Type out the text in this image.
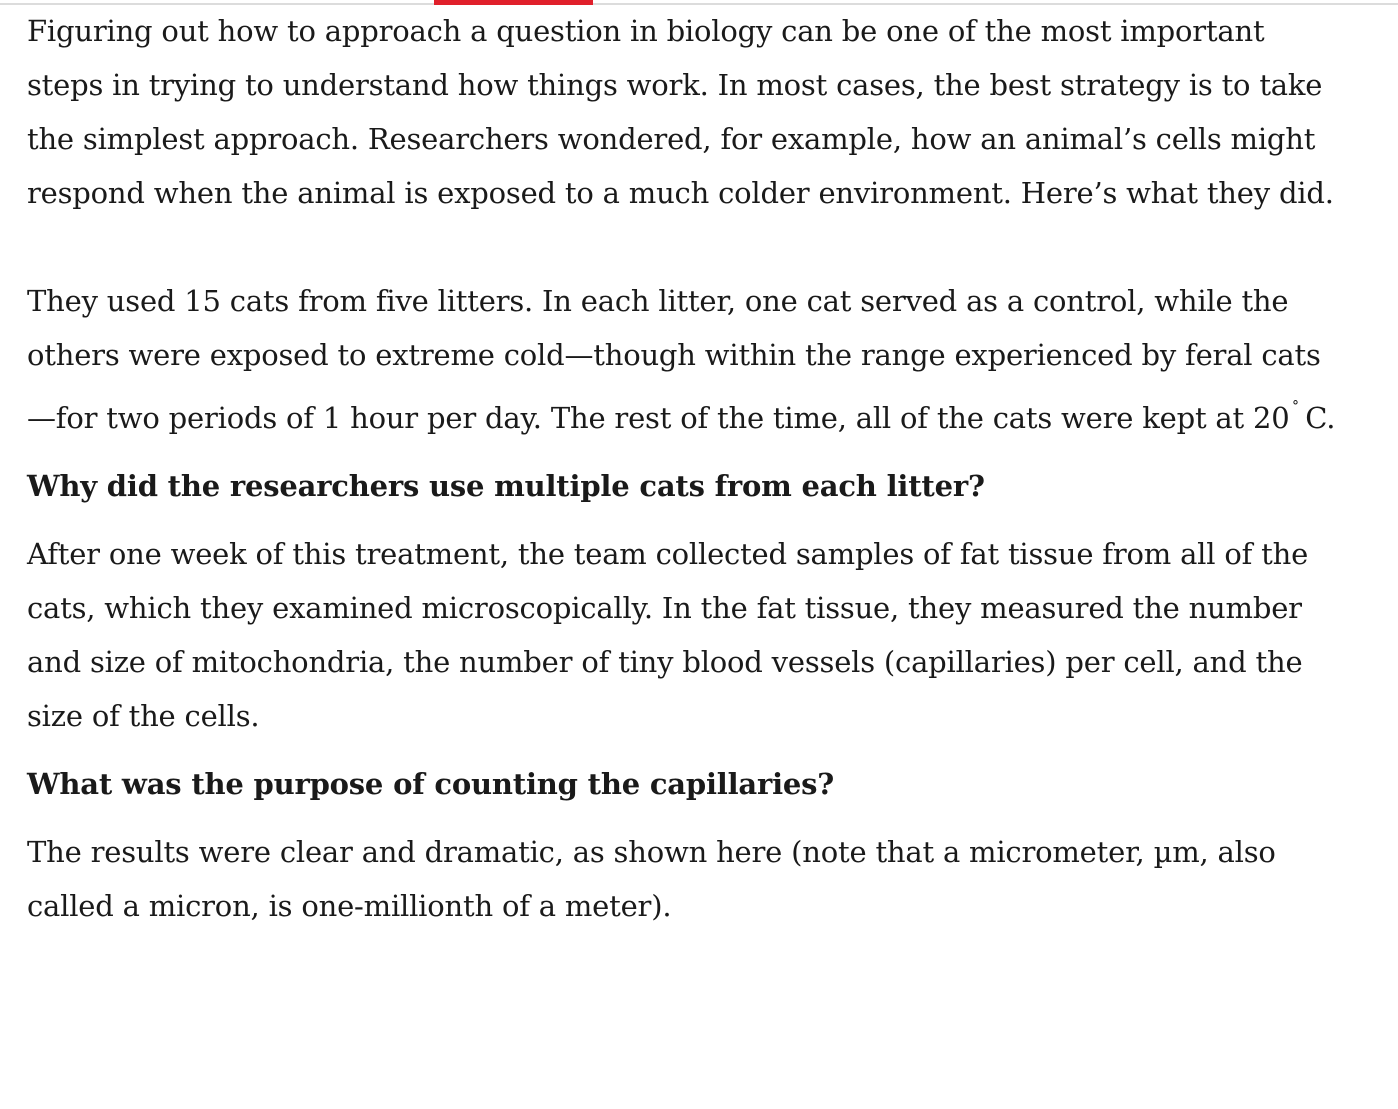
Figuring out how to approach a question in biology can be one of the most important steps in trying to understand how things work. In most cases, the best strategy is to take the simplest approach. Researchers wondered, for example, how an animal’s cells might respond when the animal is exposed to a much colder environment. Here’s what they did.

They used 15 cats from five litters. In each litter, one cat served as a control, while the others were exposed to extreme cold—though within the range experienced by feral cats—for two periods of 1 hour per day. The rest of the time, all of the cats were kept at 20 ˚ C.

Why did the researchers use multiple cats from each litter?

After one week of this treatment, the team collected samples of fat tissue from all of the cats, which they examined microscopically. In the fat tissue, they measured the number and size of mitochondria, the number of tiny blood vessels (capillaries) per cell, and the size of the cells.

What was the purpose of counting the capillaries?

The results were clear and dramatic, as shown here (note that a micrometer, µm, also called a micron, is one-millionth of a meter).
